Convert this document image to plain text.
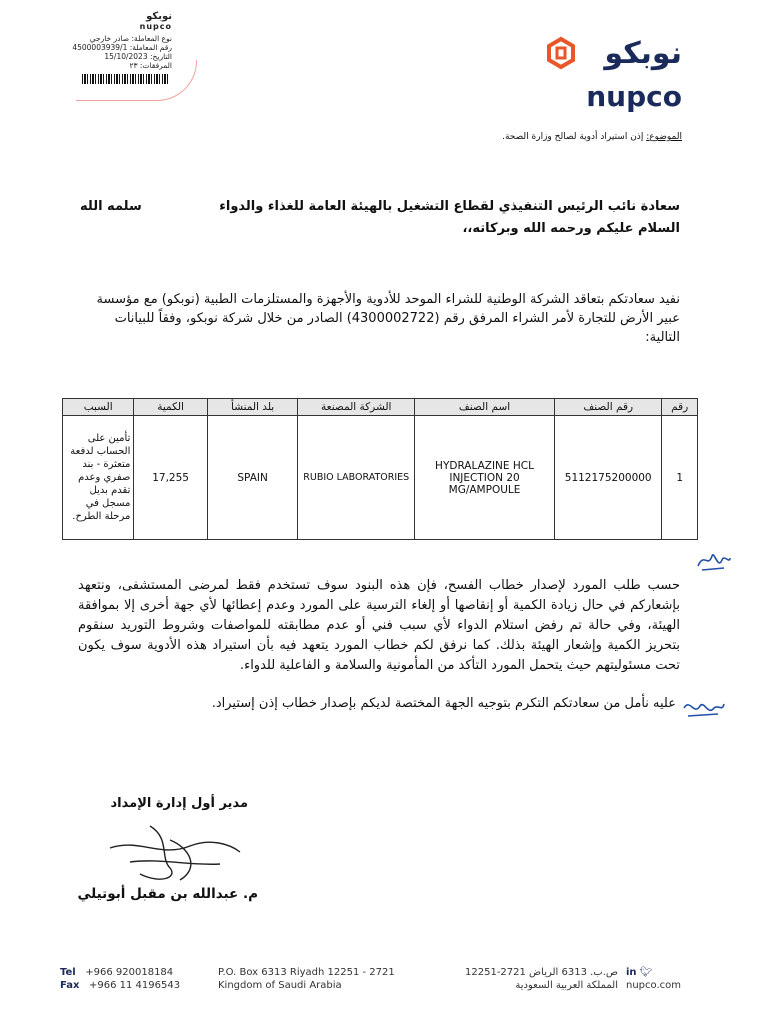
نوبكو
nupco
نوع المعاملة: صادر خارجي
رقم المعاملة: 4500003939/1
التاريخ: 15/10/2023
المرفقات: ٢٣	نوبكو
nupco
الموضوع: إذن استيراد أدوية لصالح وزارة الصحة.
سعادة نائب الرئيس التنفيذي لقطاع التشغيل بالهيئة العامة للغذاء والدواء
سلمه الله
السلام عليكم ورحمه الله وبركاته،،
نفيد سعادتكم بتعاقد الشركة الوطنية للشراء الموحد للأدوية والأجهزة والمستلزمات الطبية (نوبكو) مع مؤسسة عبير الأرض للتجارة لأمر الشراء المرفق رقم (4300002722) الصادر من خلال شركة نوبكو، وفقاً للبيانات التالية:
رقم	رقم الصنف	اسم الصنف	الشركة المصنعة	بلد المنشأ	الكمية	السبب
1	5112175200000	HYDRALAZINE HCL INJECTION 20 MG/AMPOULE	RUBIO LABORATORIES	SPAIN	17,255	تأمين على الحساب لدفعة متعثرة - بند صفري وعدم تقدم بديل مسجل في مرحلة الطرح.
حسب طلب المورد لإصدار خطاب الفسح، فإن هذه البنود سوف تستخدم فقط لمرضى المستشفى، ونتعهد بإشعاركم في حال زيادة الكمية أو إنقاصها أو إلغاء الترسية على المورد وعدم إعطائها لأي جهة أخرى إلا بموافقة الهيئة، وفي حالة تم رفض استلام الدواء لأي سبب فني أو عدم مطابقته للمواصفات وشروط التوريد سنقوم بتحريز الكمية وإشعار الهيئة بذلك. كما نرفق لكم خطاب المورد يتعهد فيه بأن استيراد هذه الأدوية سوف يكون تحت مسئوليتهم حيث يتحمل المورد التأكد من المأمونية والسلامة و الفاعلية للدواء.
عليه نأمل من سعادتكم التكرم بتوجيه الجهة المختصة لديكم بإصدار خطاب إذن إستيراد.
مدير أول إدارة الإمداد
م. عبدالله بن مقبل أبوتيلي
Tel +966 920018184
Fax +966 11 4196543
P.O. Box 6313 Riyadh 12251 - 2721
Kingdom of Saudi Arabia
ص.ب. 6313 الرياض 2721-12251
المملكة العربية السعودية
in 🐦︎
nupco.com
